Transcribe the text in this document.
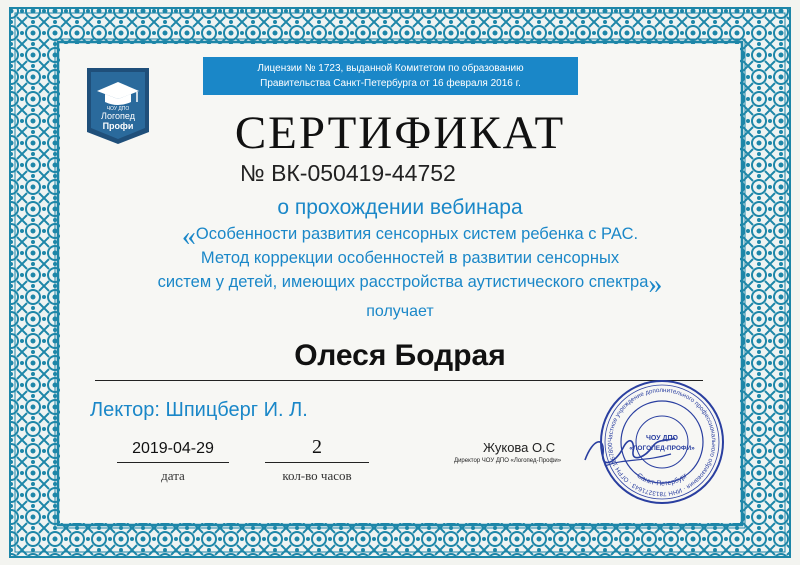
Лицензии № 1723, выданной Комитетом по образованию
Правительства Санкт-Петербурга от 16 февраля 2016 г.
ЧОУ ДПО
Логопед
Профи	СЕРТИФИКАТ
№ ВК-050419-44752
о прохождении вебинара
«Особенности развития сенсорных систем ребенка с РАС.
Метод коррекции особенностей в развитии сенсорных
систем у детей, имеющих расстройства аутистического спектра»
получает
Олеся Бодрая
Лектор: Шпицберг И. Л.
2019-04-29
дата
2
кол-во часов
Жукова О.С
Директор ЧОУ ДПО «Логопед-Профи»
Частное учреждение дополнительного профессионального образования · ИНН 7813271643 · ОГРН 1167800
Санкт-Петербург
ЧОУ ДПО
«ЛОГОПЕД-ПРОФИ»
